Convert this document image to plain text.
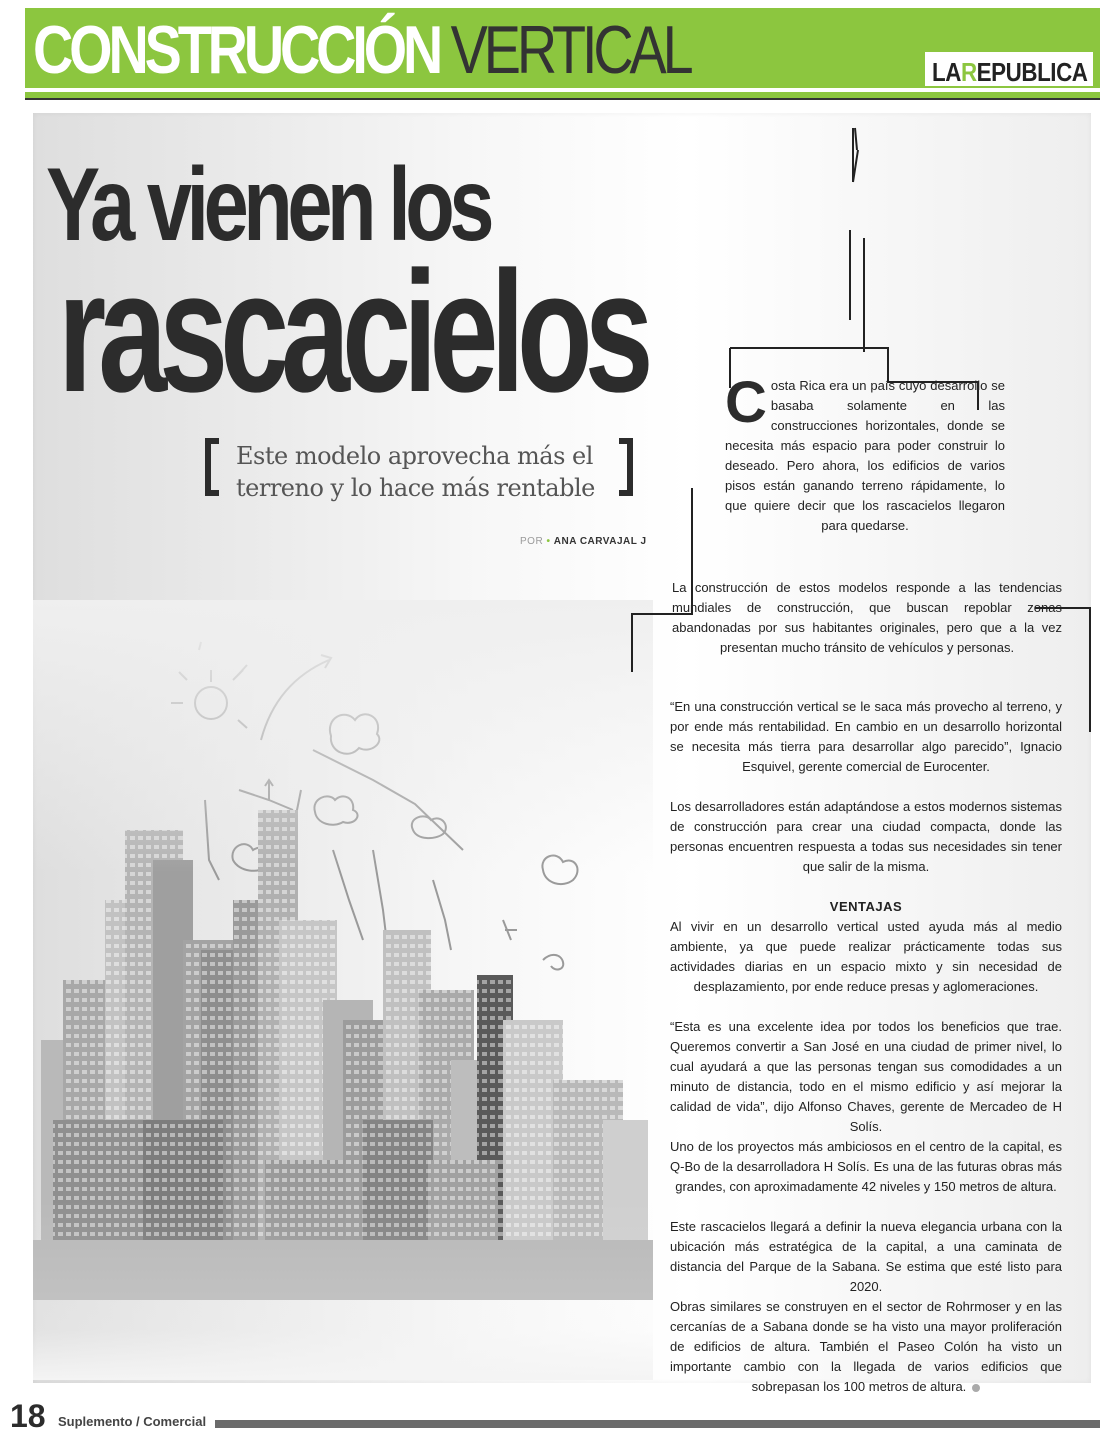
CONSTRUCCIÓN VERTICAL	LAREPUBLICA
Ya vienen los
rascacielos
Este modelo aprovecha más el terreno y lo hace más rentable
POR • ANA CARVAJAL J
Costa Rica era un país cuyo desarrollo se basaba solamente en las construcciones horizontales, donde se necesita más espacio para poder construir lo deseado. Pero ahora, los edificios de varios pisos están ganando terreno rápidamente, lo que quiere decir que los rascacielos llegaron para quedarse.
La construcción de estos modelos responde a las tendencias mundiales de construcción, que buscan repoblar zonas abandonadas por sus habitantes originales, pero que a la vez presentan mucho tránsito de vehículos y personas.
“En una construcción vertical se le saca más provecho al terreno, y por ende más rentabilidad. En cambio en un desarrollo horizontal se necesita más tierra para desarrollar algo parecido”, Ignacio Esquivel, gerente comercial de Eurocenter.
Los desarrolladores están adaptándose a estos modernos sistemas de construcción para crear una ciudad compacta, donde las personas encuentren respuesta a todas sus necesidades sin tener que salir de la misma.
VENTAJAS
Al vivir en un desarrollo vertical usted ayuda más al medio ambiente, ya que puede realizar prácticamente todas sus actividades diarias en un espacio mixto y sin necesidad de desplazamiento, por ende reduce presas y aglomeraciones.
“Esta es una excelente idea por todos los beneficios que trae. Queremos convertir a San José en una ciudad de primer nivel, lo cual ayudará a que las personas tengan sus comodidades a un minuto de distancia, todo en el mismo edificio y así mejorar la calidad de vida”, dijo Alfonso Chaves, gerente de Mercadeo de H Solís.
Uno de los proyectos más ambiciosos en el centro de la capital, es Q-Bo de la desarrolladora H Solís. Es una de las futuras obras más grandes, con aproximadamente 42 niveles y 150 metros de altura.
Este rascacielos llegará a definir la nueva elegancia urbana con la ubicación más estratégica de la capital, a una caminata de distancia del Parque de la Sabana. Se estima que esté listo para 2020.
Obras similares se construyen en el sector de Rohrmoser y en las cercanías de a Sabana donde se ha visto una mayor proliferación de edificios de altura. También el Paseo Colón ha visto un importante cambio con la llegada de varios edificios que sobrepasan los 100 metros de altura.
18 Suplemento / Comercial
